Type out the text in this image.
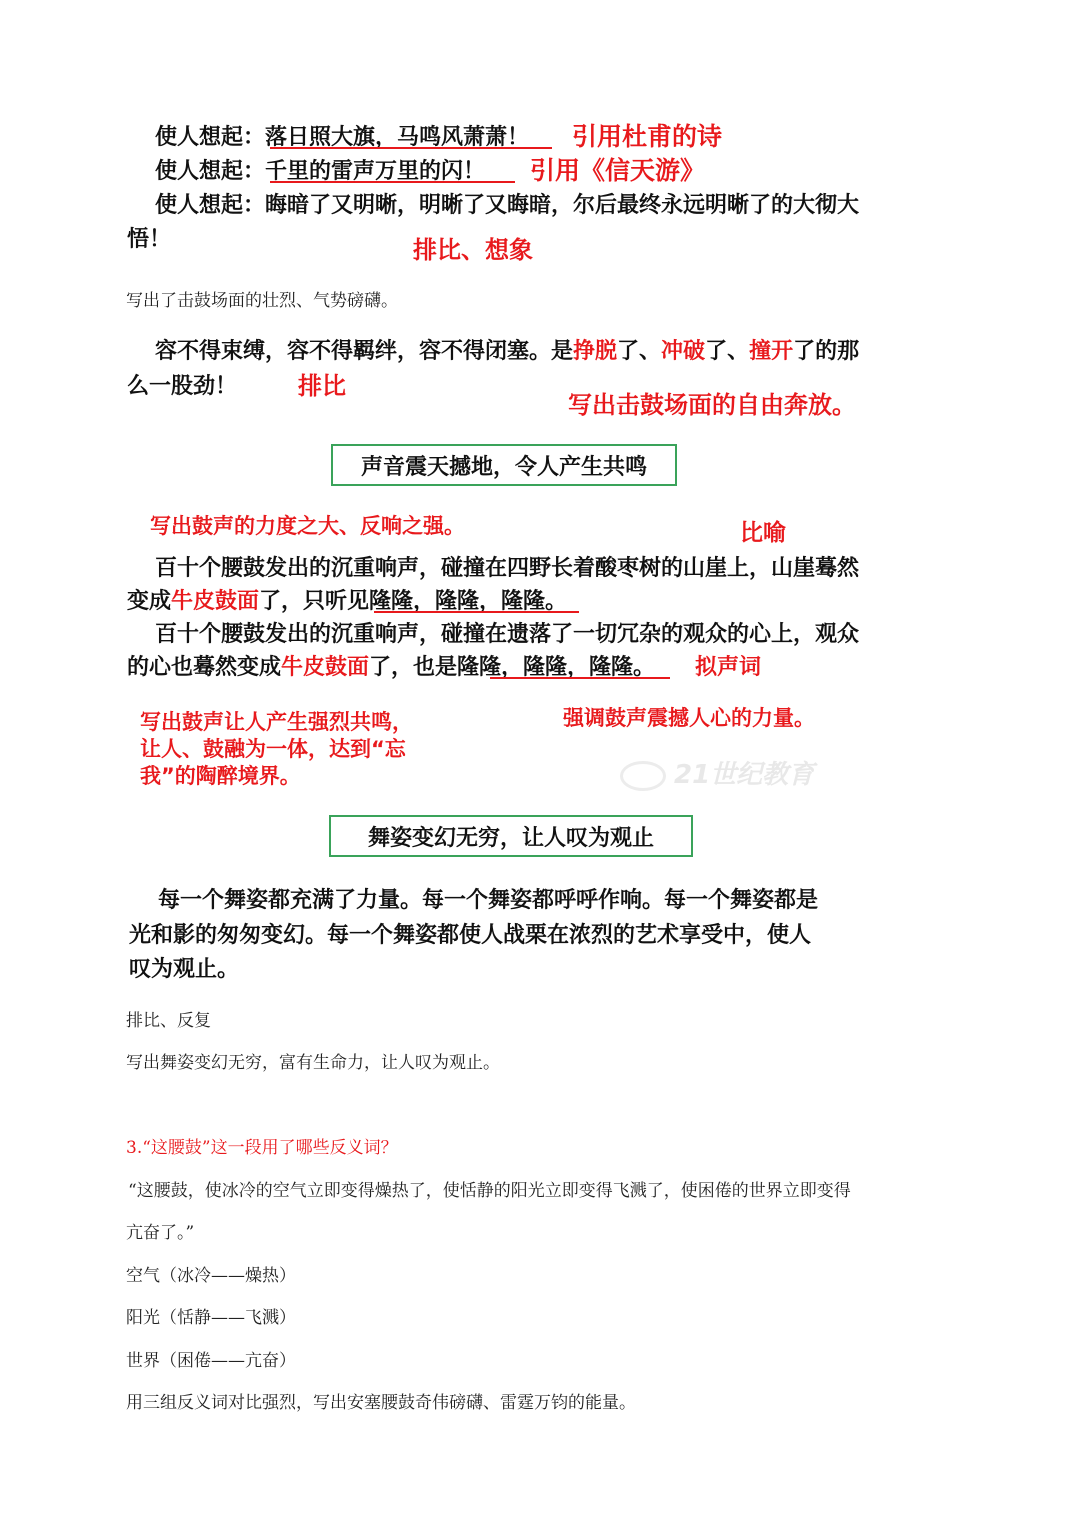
使人想起：落日照大旗，马鸣风萧萧！ 引用杜甫的诗
使人想起：千里的雷声万里的闪！ 引用《信天游》
使人想起：晦暗了又明晰，明晰了又晦暗，尔后最终永远明晰了的大彻大
悟！	排比、想象
写出了击鼓场面的壮烈、气势磅礴。
容不得束缚，容不得羁绊，容不得闭塞。是挣脱了、冲破了、撞开了的那
么一股劲！	排比
写出击鼓场面的自由奔放。
声音震天撼地，令人产生共鸣
写出鼓声的力度之大、反响之强。	比喻
百十个腰鼓发出的沉重响声，碰撞在四野长着酸枣树的山崖上，山崖蓦然
变成牛皮鼓面了，只听见隆隆，隆隆，隆隆。
百十个腰鼓发出的沉重响声，碰撞在遗落了一切冗杂的观众的心上，观众
的心也蓦然变成牛皮鼓面了，也是隆隆，隆隆，隆隆。 拟声词
写出鼓声让人产生强烈共鸣，
让人、鼓融为一体，达到“忘
我”的陶醉境界。
强调鼓声震撼人心的力量。
21世纪教育
舞姿变幻无穷，让人叹为观止
每一个舞姿都充满了力量。每一个舞姿都呼呼作响。每一个舞姿都是
光和影的匆匆变幻。每一个舞姿都使人战栗在浓烈的艺术享受中，使人
叹为观止。
排比、反复
写出舞姿变幻无穷，富有生命力，让人叹为观止。
3.“这腰鼓”这一段用了哪些反义词？
“这腰鼓，使冰冷的空气立即变得燥热了，使恬静的阳光立即变得飞溅了，使困倦的世界立即变得
亢奋了。”
空气（冰冷——燥热）
阳光（恬静——飞溅）
世界（困倦——亢奋）
用三组反义词对比强烈，写出安塞腰鼓奇伟磅礴、雷霆万钧的能量。
